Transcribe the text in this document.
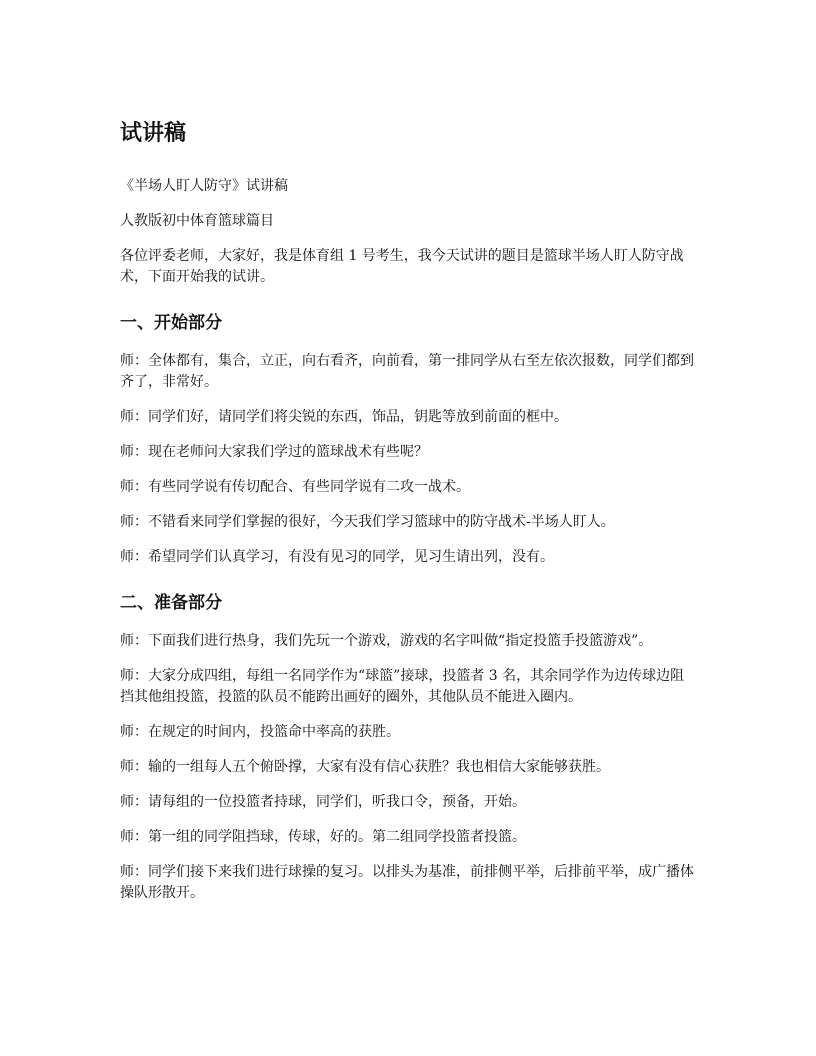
试讲稿

《半场人盯人防守》试讲稿

人教版初中体育篮球篇目

各位评委老师，大家好，我是体育组 1 号考生，我今天试讲的题目是篮球半场人盯人防守战术，下面开始我的试讲。

一、开始部分

师：全体都有，集合，立正，向右看齐，向前看，第一排同学从右至左依次报数，同学们都到齐了，非常好。

师：同学们好，请同学们将尖锐的东西，饰品，钥匙等放到前面的框中。

师：现在老师问大家我们学过的篮球战术有些呢？

师：有些同学说有传切配合、有些同学说有二攻一战术。

师：不错看来同学们掌握的很好，今天我们学习篮球中的防守战术-半场人盯人。

师：希望同学们认真学习，有没有见习的同学，见习生请出列，没有。

二、准备部分

师：下面我们进行热身，我们先玩一个游戏，游戏的名字叫做“指定投篮手投篮游戏”。

师：大家分成四组，每组一名同学作为“球篮”接球，投篮者 3 名，其余同学作为边传球边阻挡其他组投篮，投篮的队员不能跨出画好的圈外，其他队员不能进入圈内。

师：在规定的时间内，投篮命中率高的获胜。

师：输的一组每人五个俯卧撑，大家有没有信心获胜？我也相信大家能够获胜。

师：请每组的一位投篮者持球，同学们，听我口令，预备，开始。

师：第一组的同学阻挡球，传球，好的。第二组同学投篮者投篮。

师：同学们接下来我们进行球操的复习。以排头为基准，前排侧平举，后排前平举，成广播体操队形散开。
